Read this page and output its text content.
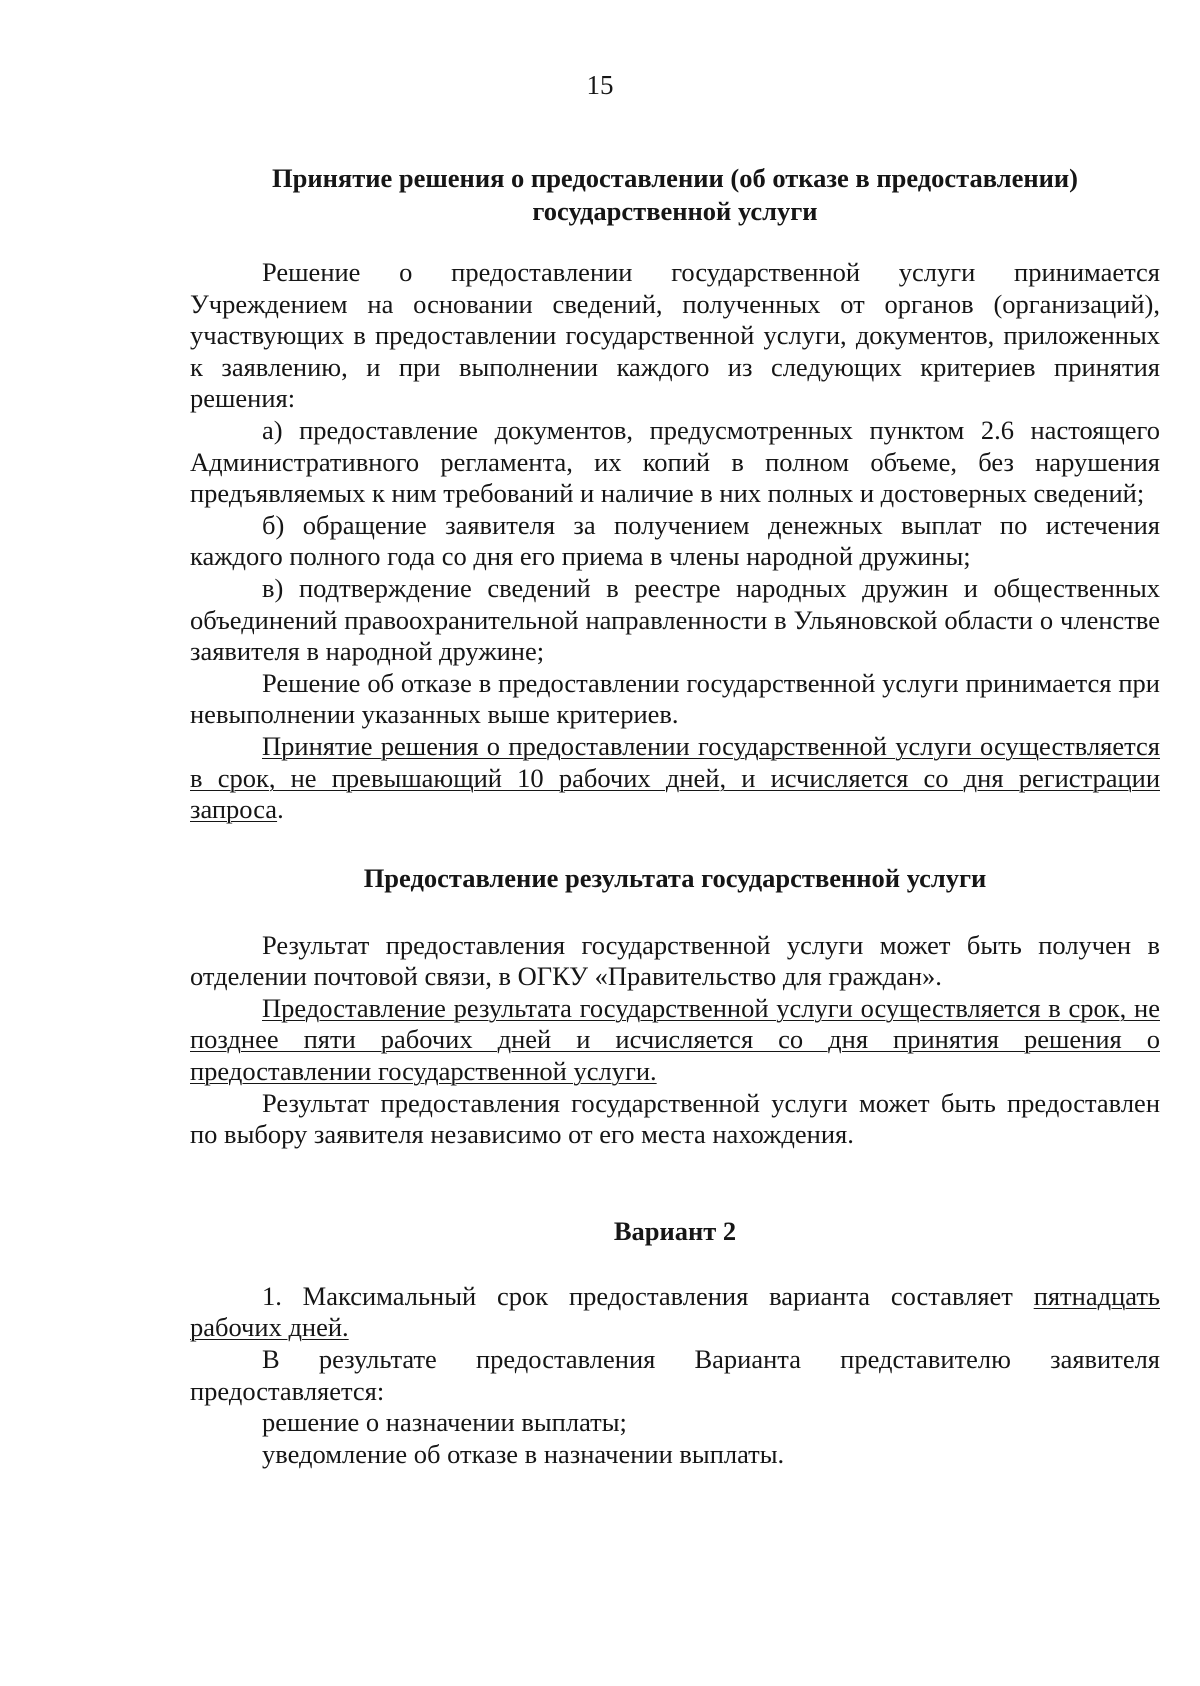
15
Принятие решения о предоставлении (об отказе в предоставлении)
государственной услуги

Решение о предоставлении государственной услуги принимается Учреждением на основании сведений, полученных от органов (организаций), участвующих в предоставлении государственной услуги, документов, приложенных к заявлению, и при выполнении каждого из следующих критериев принятия решения:

а) предоставление документов, предусмотренных пунктом 2.6 настоящего Административного регламента, их копий в полном объеме, без нарушения предъявляемых к ним требований и наличие в них полных и достоверных сведений;

б) обращение заявителя за получением денежных выплат по истечения каждого полного года со дня его приема в члены народной дружины;

в) подтверждение сведений в реестре народных дружин и общественных объединений правоохранительной направленности в Ульяновской области о членстве заявителя в народной дружине;

Решение об отказе в предоставлении государственной услуги принимается при невыполнении указанных выше критериев.

Принятие решения о предоставлении государственной услуги осуществляется в срок, не превышающий 10 рабочих дней, и исчисляется со дня регистрации запроса.

Предоставление результата государственной услуги

Результат предоставления государственной услуги может быть получен в отделении почтовой связи, в ОГКУ «Правительство для граждан».

Предоставление результата государственной услуги осуществляется в срок, не позднее пяти рабочих дней и исчисляется со дня принятия решения о предоставлении государственной услуги.

Результат предоставления государственной услуги может быть предоставлен по выбору заявителя независимо от его места нахождения.

Вариант 2

1. Максимальный срок предоставления варианта составляет пятнадцать рабочих дней.

В результате предоставления Варианта представителю заявителя предоставляется:

решение о назначении выплаты;

уведомление об отказе в назначении выплаты.
